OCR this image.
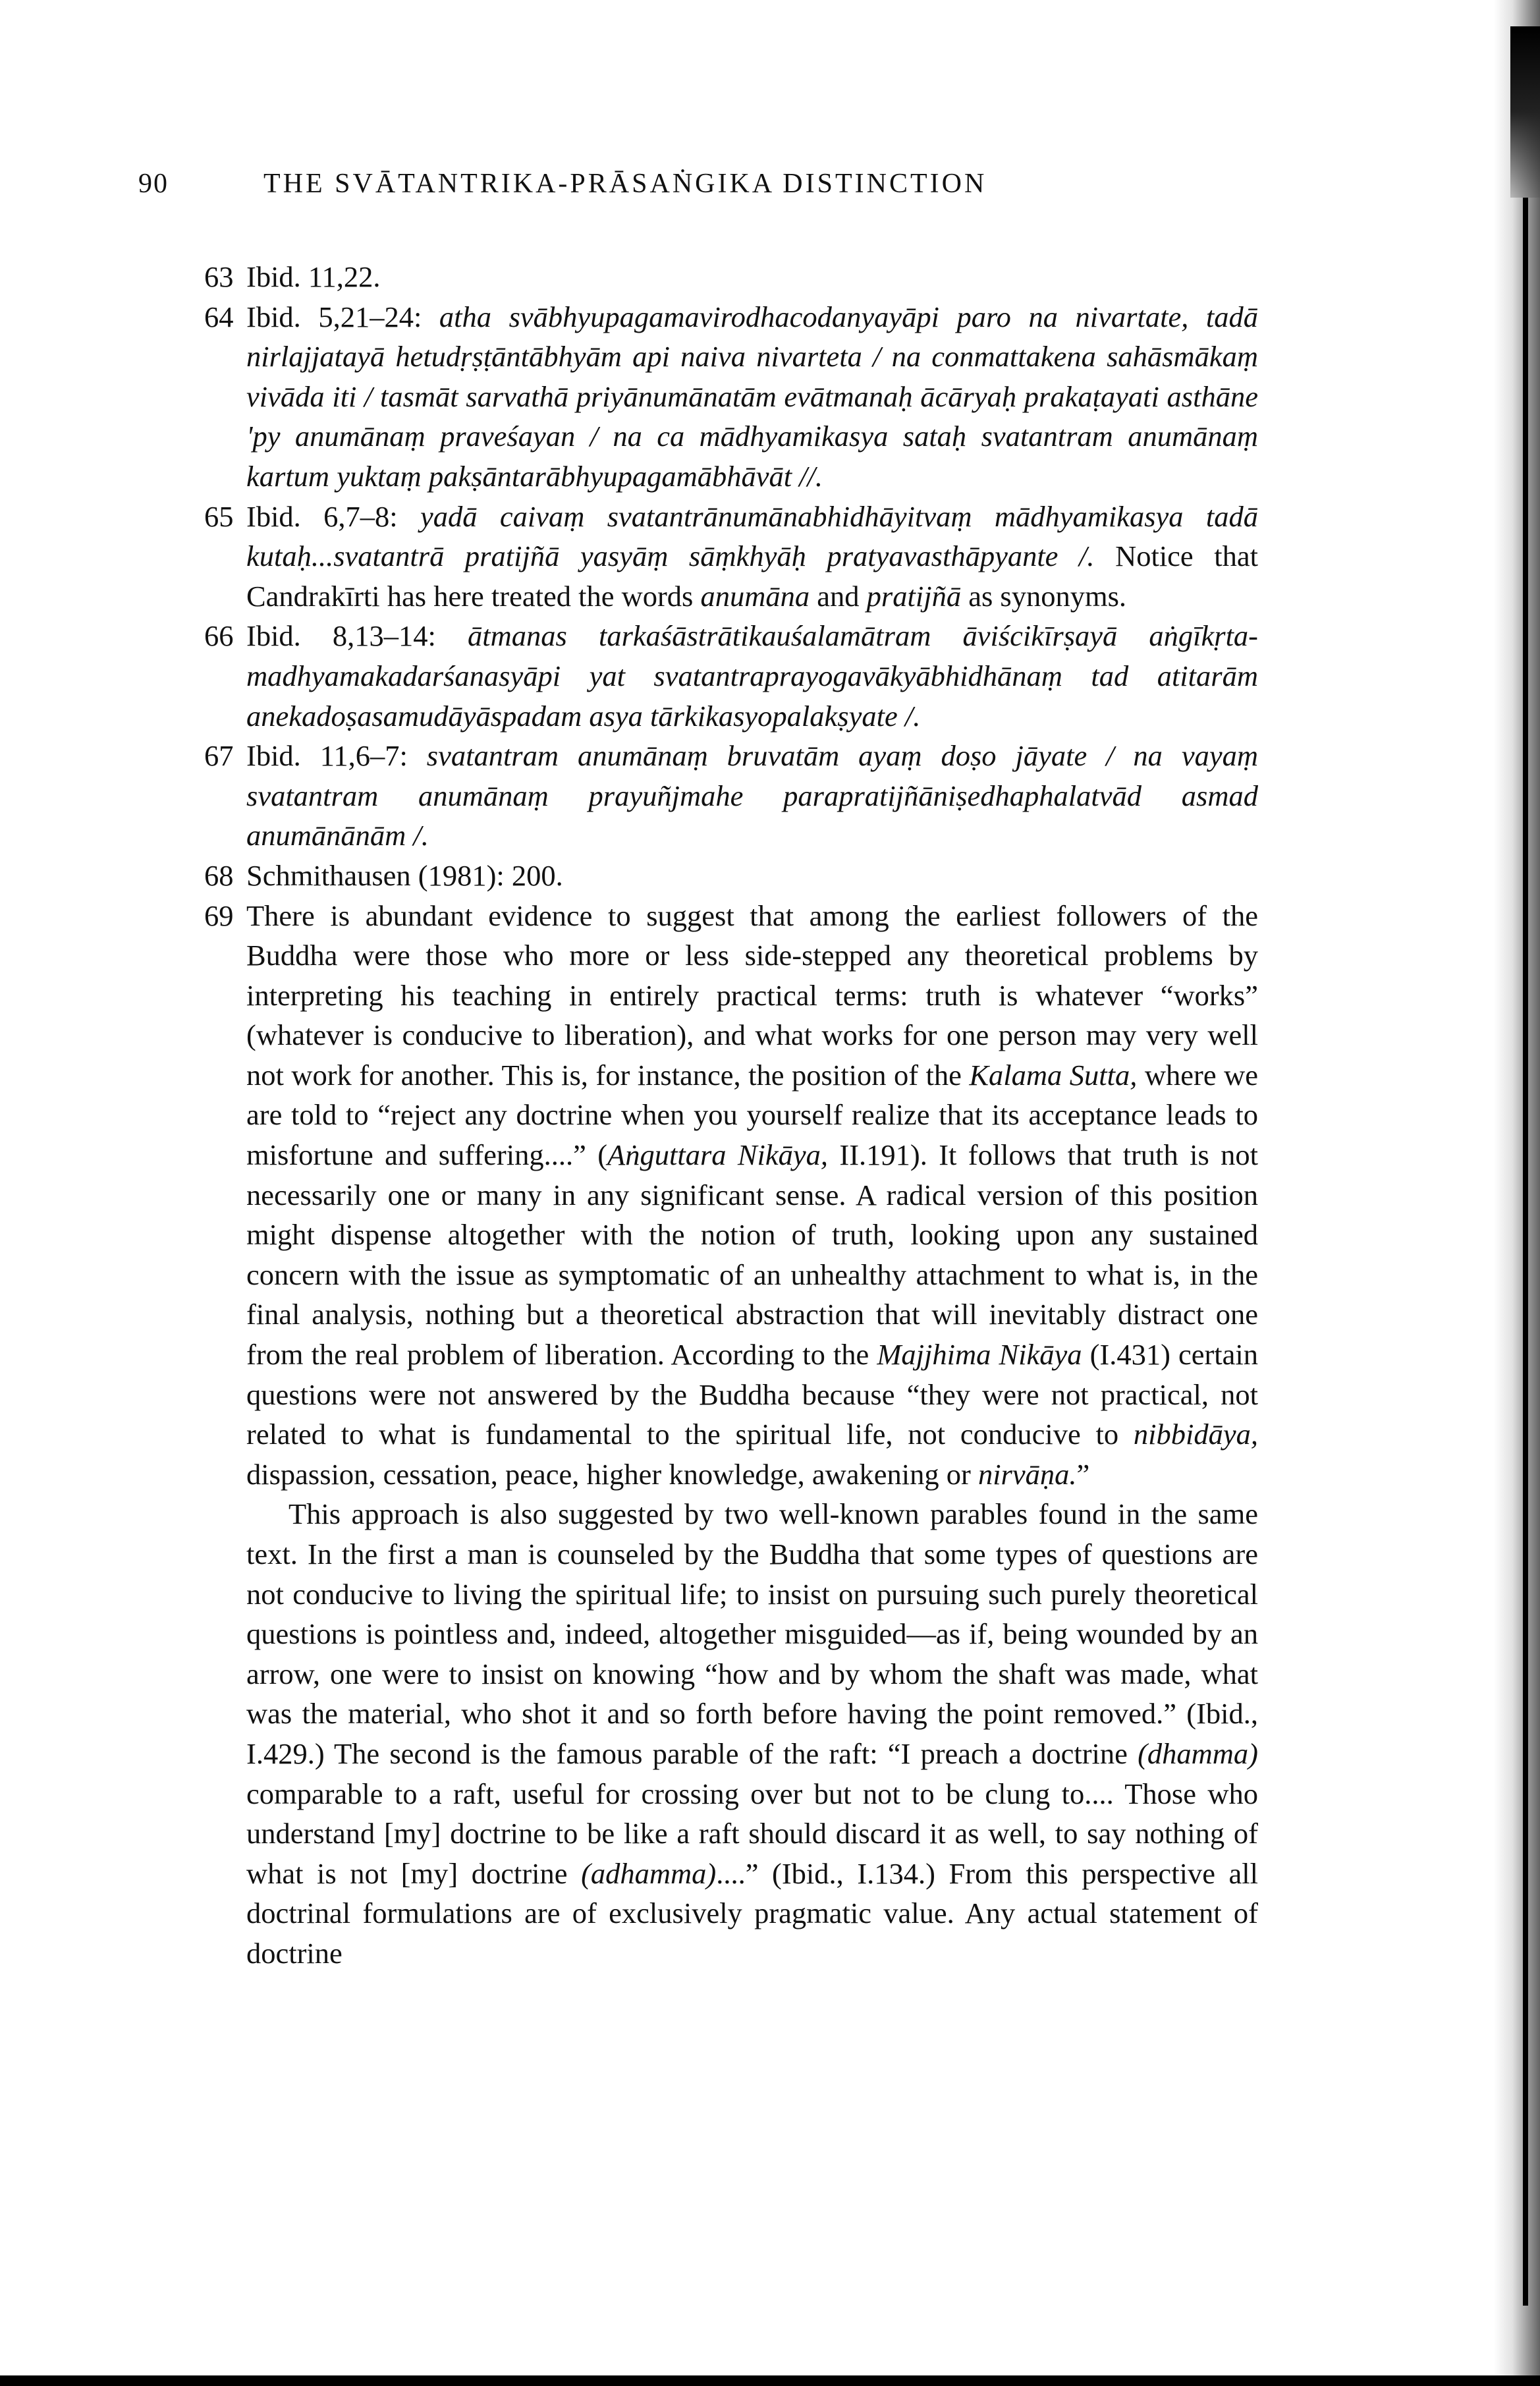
90	THE SVĀTANTRIKA-PRĀSAṄGIKA DISTINCTION
63 Ibid. 11,22.
64 Ibid. 5,21–24: atha svābhyupagamavirodhacodanyayāpi paro na nivartate, tadā nirlajjatayā hetudṛṣṭāntābhyām api naiva nivarteta / na conmattakena sahāsmākaṃ vivāda iti / tasmāt sarvathā priyānumānatām evātmanaḥ ācāryaḥ prakaṭayati asthāne 'py anumānaṃ praveśayan / na ca mādhyamikasya sataḥ svatantram anumānaṃ kartum yuktaṃ pakṣāntarābhyupagamābhāvāt //.
65 Ibid. 6,7–8: yadā caivaṃ svatantrānumānabhidhāyitvaṃ mādhyamikasya tadā kutaḥ...svatantrā pratijñā yasyāṃ sāṃkhyāḥ pratyavasthāpyante /. Notice that Candrakīrti has here treated the words anumāna and pratijñā as synonyms.
66 Ibid. 8,13–14: ātmanas tarkaśāstrātikauśalamātram āviścikīrṣayā aṅgīkṛta-madhyamakadarśanasyāpi yat svatantraprayogavākyābhidhānaṃ tad atitarām anekadoṣasamudāyāspadam asya tārkikasyopalakṣyate /.
67 Ibid. 11,6–7: svatantram anumānaṃ bruvatām ayaṃ doṣo jāyate / na vayaṃ svatantram anumānaṃ prayuñjmahe parapratijñāniṣedhaphalatvād asmad anumānānām /.
68 Schmithausen (1981): 200.
69 There is abundant evidence to suggest that among the earliest followers of the Buddha were those who more or less side-stepped any theoretical problems by interpreting his teaching in entirely practical terms: truth is whatever “works” (whatever is conducive to liberation), and what works for one person may very well not work for another. This is, for instance, the position of the Kalama Sutta, where we are told to “reject any doctrine when you yourself realize that its acceptance leads to misfortune and suffering....” (Aṅguttara Nikāya, II.191). It follows that truth is not necessarily one or many in any significant sense. A radical version of this position might dispense altogether with the notion of truth, looking upon any sustained concern with the issue as symptomatic of an unhealthy attachment to what is, in the final analysis, nothing but a theoretical abstraction that will inevitably distract one from the real problem of liberation. According to the Majjhima Nikāya (I.431) certain questions were not answered by the Buddha because “they were not practical, not related to what is fundamental to the spiritual life, not conducive to nibbidāya, dispassion, cessation, peace, higher knowledge, awakening or nirvāṇa.”
This approach is also suggested by two well-known parables found in the same text. In the first a man is counseled by the Buddha that some types of questions are not conducive to living the spiritual life; to insist on pursuing such purely theoretical questions is pointless and, indeed, altogether misguided—as if, being wounded by an arrow, one were to insist on knowing “how and by whom the shaft was made, what was the material, who shot it and so forth before having the point removed.” (Ibid., I.429.) The second is the famous parable of the raft: “I preach a doctrine (dhamma) comparable to a raft, useful for crossing over but not to be clung to.... Those who understand [my] doctrine to be like a raft should discard it as well, to say nothing of what is not [my] doctrine (adhamma)....” (Ibid., I.134.) From this perspective all doctrinal formulations are of exclusively pragmatic value. Any actual statement of doctrine
